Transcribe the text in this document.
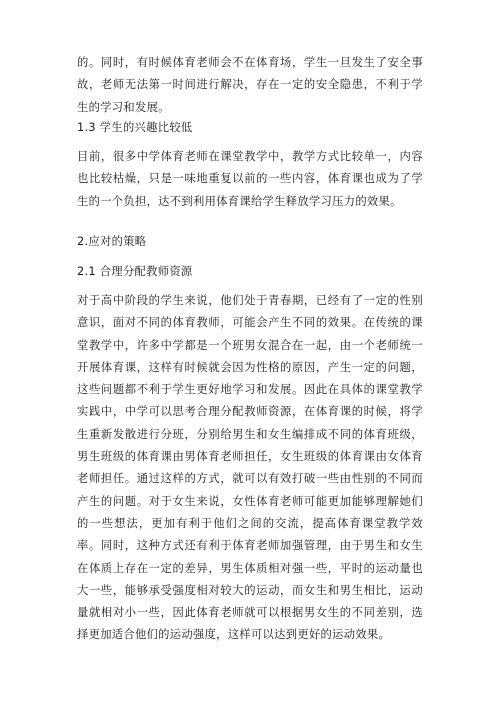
的。同时，有时候体育老师会不在体育场，学生一旦发生了安全事故，老师无法第一时间进行解决，存在一定的安全隐患，不利于学生的学习和发展。

1.3 学生的兴趣比较低

目前，很多中学体育老师在课堂教学中，教学方式比较单一，内容也比较枯燥，只是一味地重复以前的一些内容，体育课也成为了学生的一个负担，达不到利用体育课给学生释放学习压力的效果。

2.应对的策略

2.1 合理分配教师资源

对于高中阶段的学生来说，他们处于青春期，已经有了一定的性别意识，面对不同的体育教师，可能会产生不同的效果。在传统的课堂教学中，许多中学都是一个班男女混合在一起，由一个老师统一开展体育课，这样有时候就会因为性格的原因，产生一定的问题，这些问题都不利于学生更好地学习和发展。因此在具体的课堂教学实践中，中学可以思考合理分配教师资源，在体育课的时候，将学生重新发散进行分班，分别给男生和女生编排成不同的体育班级，男生班级的体育课由男体育老师担任，女生班级的体育课由女体育老师担任。通过这样的方式，就可以有效打破一些由性别的不同而产生的问题。对于女生来说，女性体育老师可能更加能够理解她们的一些想法，更加有利于他们之间的交流，提高体育课堂教学效率。同时，这种方式还有利于体育老师加强管理，由于男生和女生在体质上存在一定的差异，男生体质相对强一些，平时的运动量也大一些，能够承受强度相对较大的运动，而女生和男生相比，运动量就相对小一些，因此体育老师就可以根据男女生的不同差别，选择更加适合他们的运动强度，这样可以达到更好的运动效果。
